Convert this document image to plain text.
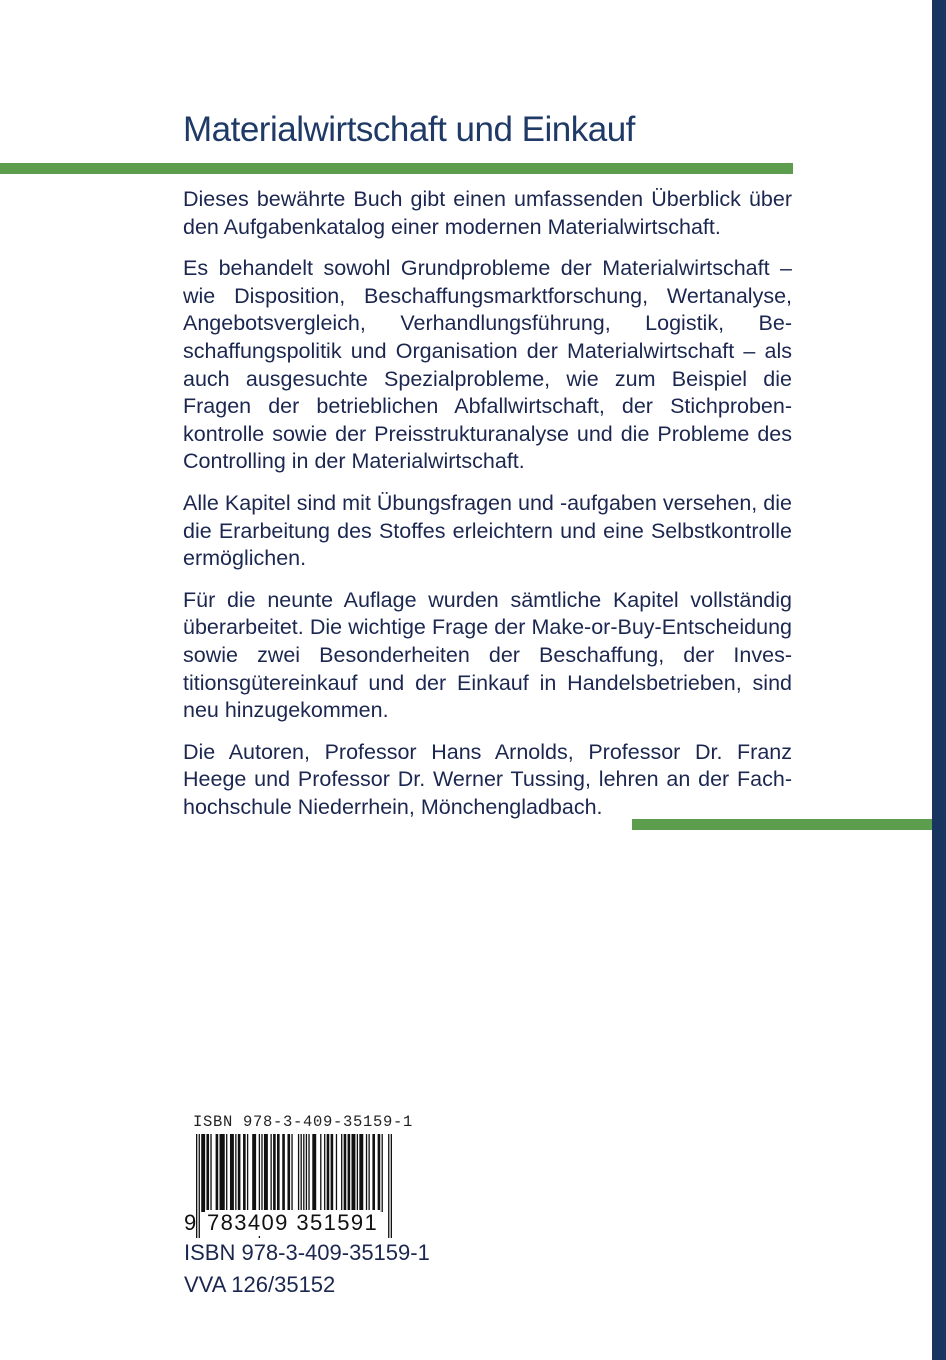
Materialwirtschaft und Einkauf

Dieses bewährte Buch gibt einen umfassenden Überblick über den Aufgabenkatalog einer modernen Materialwirtschaft.

Es behandelt sowohl Grundprobleme der Materialwirtschaft – wie Disposition, Beschaffungsmarktforschung, Wertanalyse, Angebotsvergleich, Verhandlungsführung, Logistik, Beschaffungspolitik und Organisation der Materialwirtschaft – als auch ausgesuchte Spezialprobleme, wie zum Beispiel die Fragen der betrieblichen Abfallwirtschaft, der Stichprobenkontrolle sowie der Preisstrukturanalyse und die Probleme des Controlling in der Materialwirtschaft.

Alle Kapitel sind mit Übungsfragen und -aufgaben versehen, die die Erarbeitung des Stoffes erleichtern und eine Selbstkontrolle ermöglichen.

Für die neunte Auflage wurden sämtliche Kapitel vollständig überarbeitet. Die wichtige Frage der Make-or-Buy-Entscheidung sowie zwei Besonderheiten der Beschaffung, der Investitionsgütereinkauf und der Einkauf in Handelsbetrieben, sind neu hinzugekommen.

Die Autoren, Professor Hans Arnolds, Professor Dr. Franz Heege und Professor Dr. Werner Tussing, lehren an der Fachhochschule Niederrhein, Mönchengladbach.

ISBN 978-3-409-35159-1
9 783409 351591
ISBN 978-3-409-35159-1
VVA 126/35152
